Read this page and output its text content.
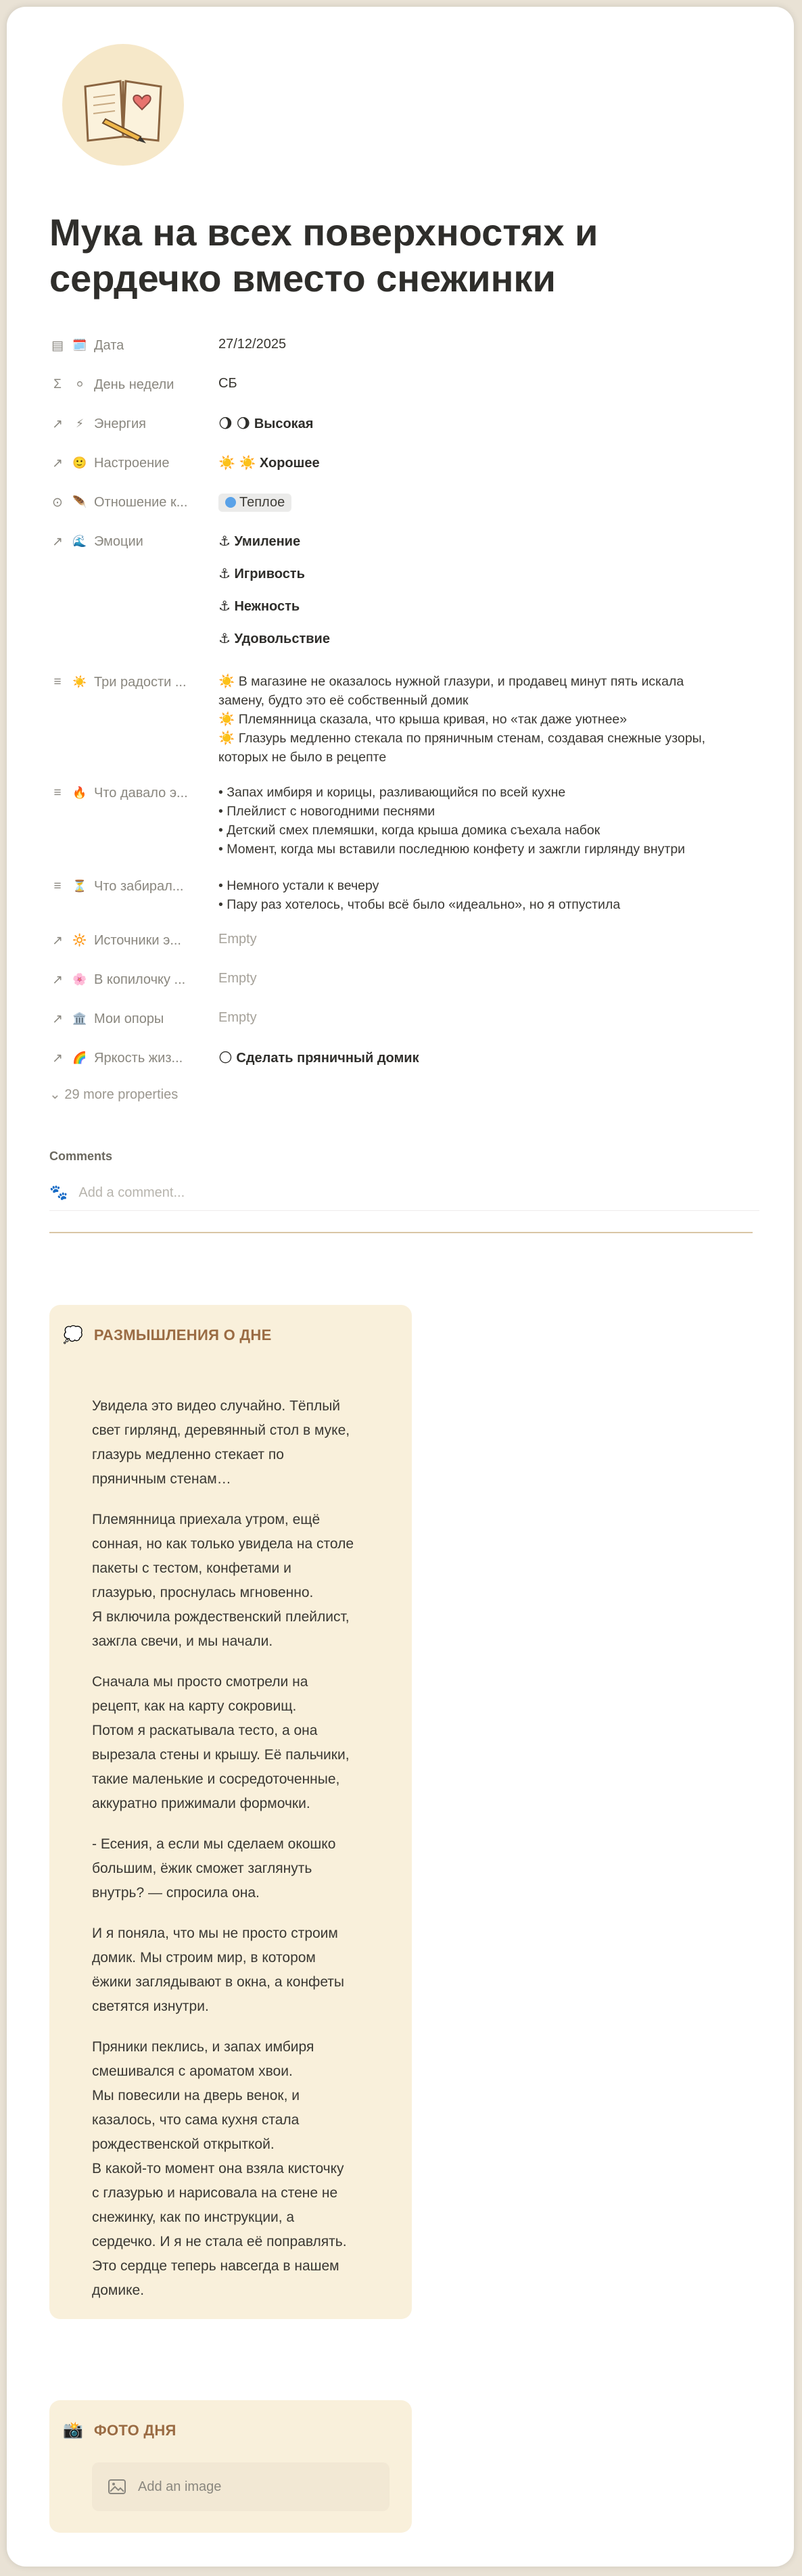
Мука на всех поверхностях и
сердечко вместо снежинки
▤ 🗓️ Дата	27/12/2025
Σ	⚪ День недели	СБ
↗ ⚡ Энергия	🌖 🌖 Высокая
↗ 🙂 Настроение	☀️ ☀️ Хорошее
⊙ 🪶 Отношение к...	Теплое
↗ 🌊 Эмоции	⚓ Умиление
⚓ Игривость
⚓ Нежность
⚓ Удовольствие
≡ ☀️ Три радости ... ☀️ В магазине не оказалось нужной глазури, и продавец минут пять искала
замену, будто это её собственный домик
☀️ Племянница сказала, что крыша кривая, но «так даже уютнее»
☀️ Глазурь медленно стекала по пряничным стенам, создавая снежные узоры,
которых не было в рецепте
≡ 🔥 Что давало э... • Запах имбиря и корицы, разливающийся по всей кухне
• Плейлист с новогодними песнями
• Детский смех племяшки, когда крыша домика съехала набок
• Момент, когда мы вставили последнюю конфету и зажгли гирлянду внутри
≡ ⏳ Что забирал...	• Немного устали к вечеру
• Пару раз хотелось, чтобы всё было «идеально», но я отпустила
↗ 🔆 Источники э...	Empty
↗ 🌸 В копилочку ... Empty
↗ 🏛️ Мои опоры	Empty
↗ 🌈 Яркость жиз...	🌕 Сделать пряничный домик
⌄ 29 more properties
Comments
🐾 Add a comment...
💭 РАЗМЫШЛЕНИЯ О ДНЕ

Увидела это видео случайно. Тёплый
свет гирлянд, деревянный стол в муке,
глазурь медленно стекает по
пряничным стенам…

Племянница приехала утром, ещё
сонная, но как только увидела на столе
пакеты с тестом, конфетами и
глазурью, проснулась мгновенно.
Я включила рождественский плейлист,
зажгла свечи, и мы начали.

Сначала мы просто смотрели на
рецепт, как на карту сокровищ.
Потом я раскатывала тесто, а она
вырезала стены и крышу. Её пальчики,
такие маленькие и сосредоточенные,
аккуратно прижимали формочки.

- Есения, а если мы сделаем окошко
большим, ёжик сможет заглянуть
внутрь? — спросила она.

И я поняла, что мы не просто строим
домик. Мы строим мир, в котором
ёжики заглядывают в окна, а конфеты
светятся изнутри.

Пряники пеклись, и запах имбиря
смешивался с ароматом хвои.
Мы повесили на дверь венок, и
казалось, что сама кухня стала
рождественской открыткой.
В какой-то момент она взяла кисточку
с глазурью и нарисовала на стене не
снежинку, как по инструкции, а
сердечко. И я не стала её поправлять.
Это сердце теперь навсегда в нашем
домике.

📸 ФОТО ДНЯ
Add an image
